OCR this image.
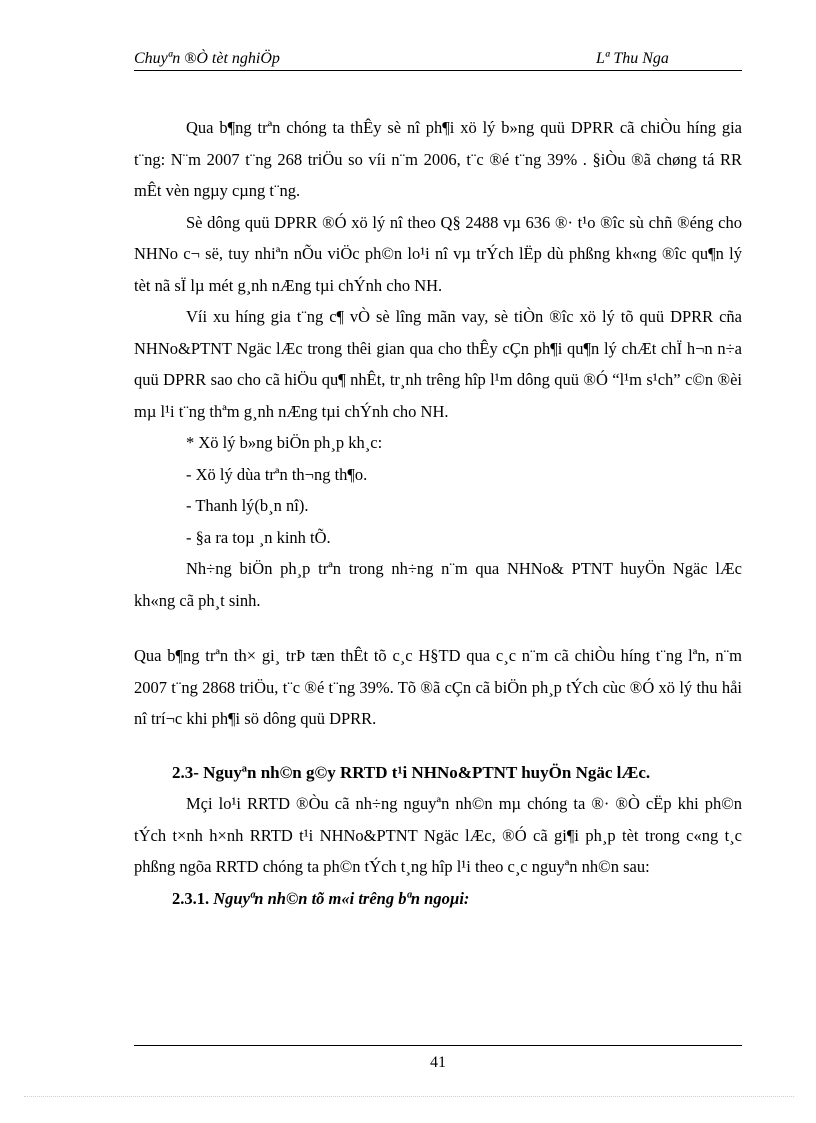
Chuyªn ®Ò tèt nghiÖp	Lª Thu Nga

Qua b¶ng trªn chóng ta thÊy sè nî ph¶i xö lý b»ng quü DPRR cã chiÒu híng gia t¨ng: N¨m 2007 t¨ng 268 triÖu so víi n¨m 2006, t¨c ®é t¨ng 39% . §iÒu ®ã chøng tá RR mÊt vèn ngµy cµng t¨ng.

Sè dông quü DPRR ®Ó xö lý nî theo Q§ 2488 vµ 636 ®· t¹o ®îc sù chñ ®éng cho NHNo c¬ së, tuy nhiªn nÕu viÖc ph©n lo¹i nî vµ trÝch lËp dù phßng kh«ng ®îc qu¶n lý tèt nã sÏ lµ mét g¸nh nÆng tµi chÝnh cho NH.

Víi xu híng gia t¨ng c¶ vÒ sè lîng mãn vay, sè tiÒn ®îc xö lý tõ quü DPRR cña NHNo&PTNT Ngäc lÆc trong thêi gian qua cho thÊy cÇn ph¶i qu¶n lý chÆt chÏ h¬n n÷a quü DPRR sao cho cã hiÖu qu¶ nhÊt, tr¸nh trêng hîp l¹m dông quü ®Ó “l¹m s¹ch” c©n ®èi mµ l¹i t¨ng thªm g¸nh nÆng tµi chÝnh cho NH.

* Xö lý b»ng biÖn ph¸p kh¸c:

- Xö lý dùa trªn th¬ng th¶o.

- Thanh lý(b¸n nî).

- §a ra toµ ¸n kinh tÕ.

Nh÷ng biÖn ph¸p trªn trong nh÷ng n¨m qua NHNo& PTNT huyÖn Ngäc lÆc kh«ng cã ph¸t sinh.

Qua b¶ng trªn th× gi¸ trÞ tæn thÊt tõ c¸c H§TD qua c¸c n¨m cã chiÒu híng t¨ng lªn, n¨m 2007 t¨ng 2868 triÖu, t¨c ®é t¨ng 39%. Tõ ®ã cÇn cã biÖn ph¸p tÝch cùc ®Ó xö lý thu håi nî trí¬c khi ph¶i sö dông quü DPRR.

2.3- Nguyªn nh©n g©y RRTD t¹i NHNo&PTNT huyÖn Ngäc lÆc.

Mçi lo¹i RRTD ®Òu cã nh÷ng nguyªn nh©n mµ chóng ta ®· ®Ò cËp khi ph©n tÝch t×nh h×nh RRTD t¹i NHNo&PTNT Ngäc lÆc, ®Ó cã gi¶i ph¸p tèt trong c«ng t¸c phßng ngõa RRTD chóng ta ph©n tÝch t¸ng hîp l¹i theo c¸c nguyªn nh©n sau:

2.3.1. Nguyªn nh©n tõ m«i trêng bªn ngoµi:

41
